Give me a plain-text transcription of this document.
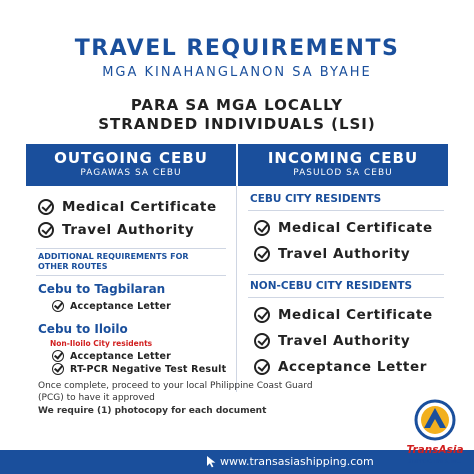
TRAVEL REQUIREMENTS
MGA KINAHANGLANON SA BYAHE
PARA SA MGA LOCALLY
STRANDED INDIVIDUALS (LSI)
OUTGOING CEBU
PAGAWAS SA CEBU
INCOMING CEBU
PASULOD SA CEBU
Medical Certificate
Travel Authority
ADDITIONAL REQUIREMENTS FOR
OTHER ROUTES
Cebu to Tagbilaran
Acceptance Letter
Cebu to Iloilo
Non-Iloilo City residents
Acceptance Letter
RT-PCR Negative Test Result
CEBU CITY RESIDENTS
Medical Certificate
Travel Authority
NON-CEBU CITY RESIDENTS
Medical Certificate
Travel Authority
Acceptance Letter
Once complete, proceed to your local Philippine Coast Guard (PCG) to have it approved
We require (1) photocopy for each document
www.transasiashipping.com
TransAsia
SHIPPING LINES, INC.
